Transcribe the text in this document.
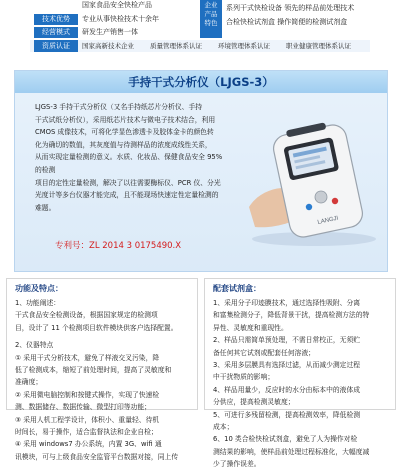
国家食品安全快检产品
技术优势	专业从事快检技术十余年
经营模式	研发生产销售一体
企业
产品
特色
系列干式快检设备 领先的样品前处理技术
合检快检试剂盒 操作简便的检测试剂盒
资质认证	国家高新技术企业 质量管理体系认证 环境管理体系认证 职业健康管理体系认证
手持干式分析仪（LJGS-3）
LJGS-3 手持干式分析仪（又名手持纸芯片分析仪、手持
干式试纸分析仪），采用纸芯片技术与微电子技术结合，利用
CMOS 成像技术，可将化学显色渗透卡及胶体金卡的颜色转
化为确切的数值，其灰度值与待测样品的浓度成线性关系，
从而实现定量检测的意义。水质、化妆品、保健食品安全 95% 的检测
项目的定性定量检测，解决了以往需要酶标仪、PCR 仪、分光
光度计等多台仪器才能完成，且不能现场快速定性定量检测的
难题。
专利号：ZL 2014 3 0175490.X
LANGJI
功能及特点：
1、功能阐述：
干式食品安全检测设备，根据国家规定的检测项
目，设计了 11 个检测项目软件模块供客户选择配置。
2、仪器特点
① 采用干式分析技术，避免了样液交叉污染，降
低了检测成本，缩短了前处理时间，提高了灵敏度和
准确度；
② 采用微电脑控制和按键式操作，实现了快速检
测、数据储存、数据传输、微型打印等功能；
③ 采用人机工程学设计，体积小、重量轻、待机
时间长，易于操作，适合监督执法和企业自检；
④ 采用 windows7 办公系统，内置 3G、wifi 通
讯模块，可与上级食品安全监管平台数据对接，同上传
配套试剂盒：
1、采用分子印迹膜技术，通过选择性吸附、分离
和富集检测分子，降低背景干扰，提高检测方法的特
异性、灵敏度和重现性。
2、样品只需简单预处理，不需日常校正，无须贮
备任何其它试剂或配套任何溶液；
3、采用多层膜具有选择过滤，从而减少测定过程
中干扰物质的影响；
4、样品用量少，反应时的水分由标本中的液体成
分供应，提高检测灵敏度；
5、可进行多残留检测，提高检测效率，降低检测
成本；
6、10 类合检快检试剂盒，避免了人为操作对检
测结果的影响，使样品前处理过程标准化，大幅度减
少了操作误差。
